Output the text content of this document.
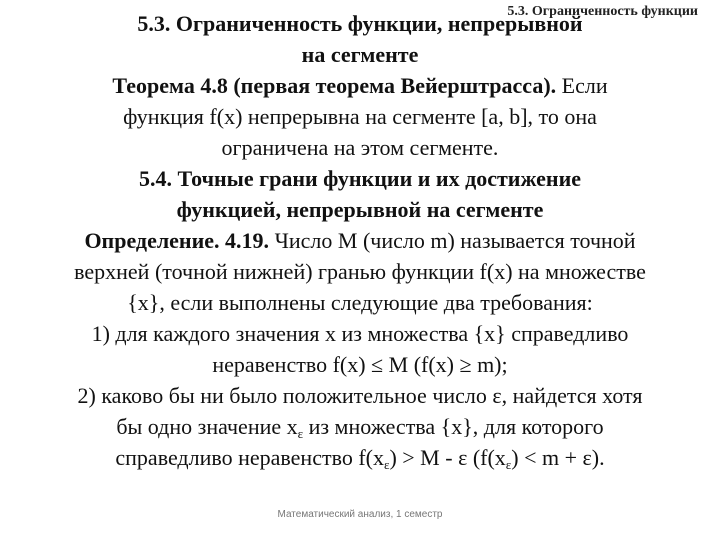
5.3. Ограниченность функции
5.3. Ограниченность функции, непрерывной
на сегменте
Теорема 4.8 (первая теорема Вейерштрасса). Если
функция f(x) непрерывна на сегменте [a, b], то она
ограничена на этом сегменте.
5.4. Точные грани функции и их достижение
функцией, непрерывной на сегменте
Определение. 4.19. Число M (число m) называется точной
верхней (точной нижней) гранью функции f(x) на множестве
{x}, если выполнены следующие два требования:
1) для каждого значения x из множества {x} справедливо
неравенство f(x) ≤ M (f(x) ≥ m);
2) каково бы ни было положительное число ε, найдется хотя
бы одно значение $x_\varepsilon$ из множества {x}, для которого
справедливо неравенство $f(x_\varepsilon) > M - \varepsilon$ $(f(x_\varepsilon) < m + \varepsilon)$.
Математический анализ, 1 семестр
